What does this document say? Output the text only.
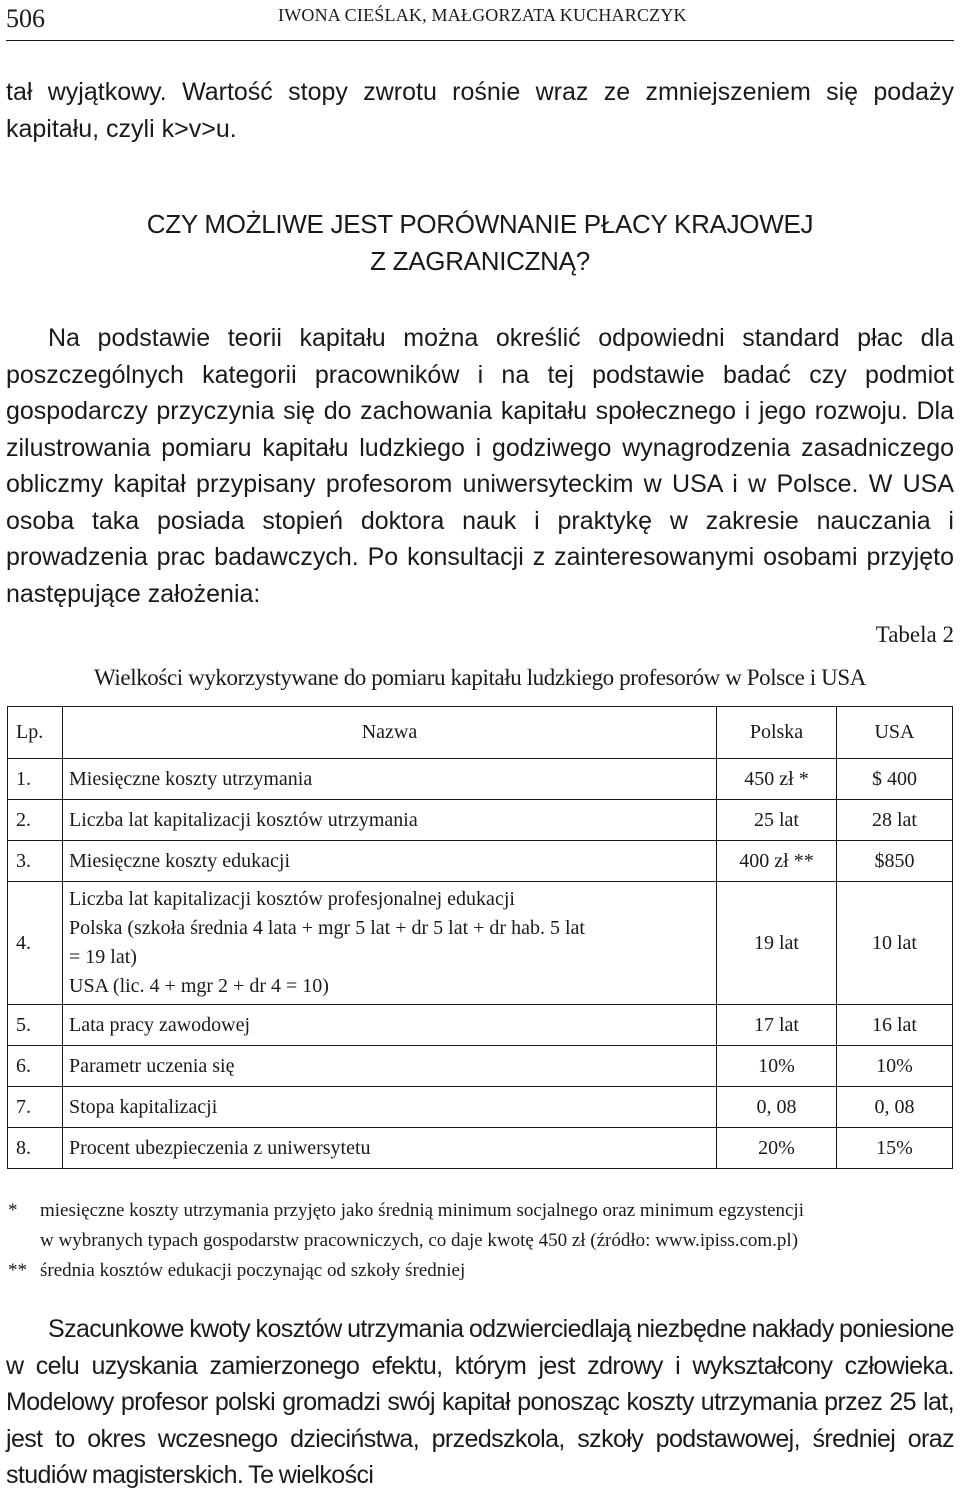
506	IWONA CIEŚLAK, MAŁGORZATA KUCHARCZYK

tał wyjątkowy. Wartość stopy zwrotu rośnie wraz ze zmniejszeniem się podaży kapitału, czyli k>v>u.

CZY MOŻLIWE JEST PORÓWNANIE PŁACY KRAJOWEJ
Z ZAGRANICZNĄ?

Na podstawie teorii kapitału można określić odpowiedni standard płac dla poszczególnych kategorii pracowników i na tej podstawie badać czy podmiot gospodarczy przyczynia się do zachowania kapitału społecznego i jego rozwoju. Dla zilustrowania pomiaru kapitału ludzkiego i godziwego wynagrodzenia zasadniczego obliczmy kapitał przypisany profesorom uniwersyteckim w USA i w Polsce. W USA osoba taka posiada stopień doktora nauk i praktykę w zakresie nauczania i prowadzenia prac badawczych. Po konsultacji z zainteresowanymi osobami przyjęto następujące założenia:

Tabela 2
Wielkości wykorzystywane do pomiaru kapitału ludzkiego profesorów w Polsce i USA
Lp.	Nazwa	Polska	USA
1.	Miesięczne koszty utrzymania	450 zł *	$ 400
2.	Liczba lat kapitalizacji kosztów utrzymania	25 lat	28 lat
3.	Miesięczne koszty edukacji	400 zł **	$850
4.	Liczba lat kapitalizacji kosztów profesjonalnej edukacji
Polska (szkoła średnia 4 lata + mgr 5 lat + dr 5 lat + dr hab. 5 lat
= 19 lat)
USA (lic. 4 + mgr 2 + dr 4 = 10)	19 lat	10 lat
5.	Lata pracy zawodowej	17 lat	16 lat
6.	Parametr uczenia się	10%	10%
7.	Stopa kapitalizacji	0, 08	0, 08
8.	Procent ubezpieczenia z uniwersytetu	20%	15%
* miesięczne koszty utrzymania przyjęto jako średnią minimum socjalnego oraz minimum egzystencji
w wybranych typach gospodarstw pracowniczych, co daje kwotę 450 zł (źródło: www.ipiss.com.pl)
** średnia kosztów edukacji poczynając od szkoły średniej

Szacunkowe kwoty kosztów utrzymania odzwierciedlają niezbędne nakłady poniesione w celu uzyskania zamierzonego efektu, którym jest zdrowy i wykształcony człowieka. Modelowy profesor polski gromadzi swój kapitał ponosząc koszty utrzymania przez 25 lat, jest to okres wczesnego dzieciństwa, przedszkola, szkoły podstawowej, średniej oraz studiów magisterskich. Te wielkości
